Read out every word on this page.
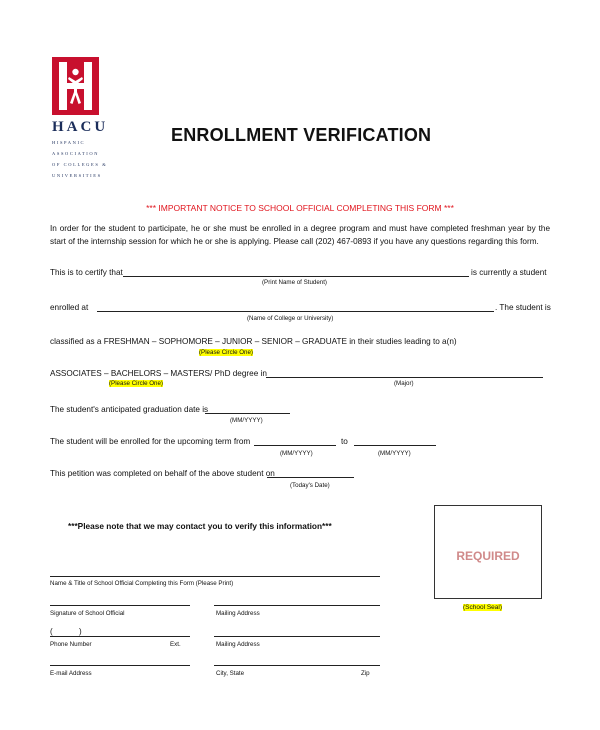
HACU
HISPANIC
ASSOCIATION
OF COLLEGES &
UNIVERSITIES
ENROLLMENT VERIFICATION
*** IMPORTANT NOTICE TO SCHOOL OFFICIAL COMPLETING THIS FORM ***
In order for the student to participate, he or she must be enrolled in a degree program and must have completed freshman year by the start of the internship session for which he or she is applying. Please call (202) 467-0893 if you have any questions regarding this form.
This is to certify that	is currently a student
(Print Name of Student)
enrolled at	. The student is
(Name of College or University)
classified as a FRESHMAN – SOPHOMORE – JUNIOR – SENIOR – GRADUATE in their studies leading to a(n)
(Please Circle One)
ASSOCIATES – BACHELORS – MASTERS/ PhD degree in
(Please Circle One)	(Major)
The student's anticipated graduation date is
(MM/YYYY)
The student will be enrolled for the upcoming term from	to
(MM/YYYY)	(MM/YYYY)
This petition was completed on behalf of the above student on
(Today's Date)
***Please note that we may contact you to verify this information***
REQUIRED
(School Seal)
Name & Title of School Official Completing this Form (Please Print)
Signature of School Official	Mailing Address
(	)
Phone Number	Ext.	Mailing Address
E-mail Address	City, State	Zip
